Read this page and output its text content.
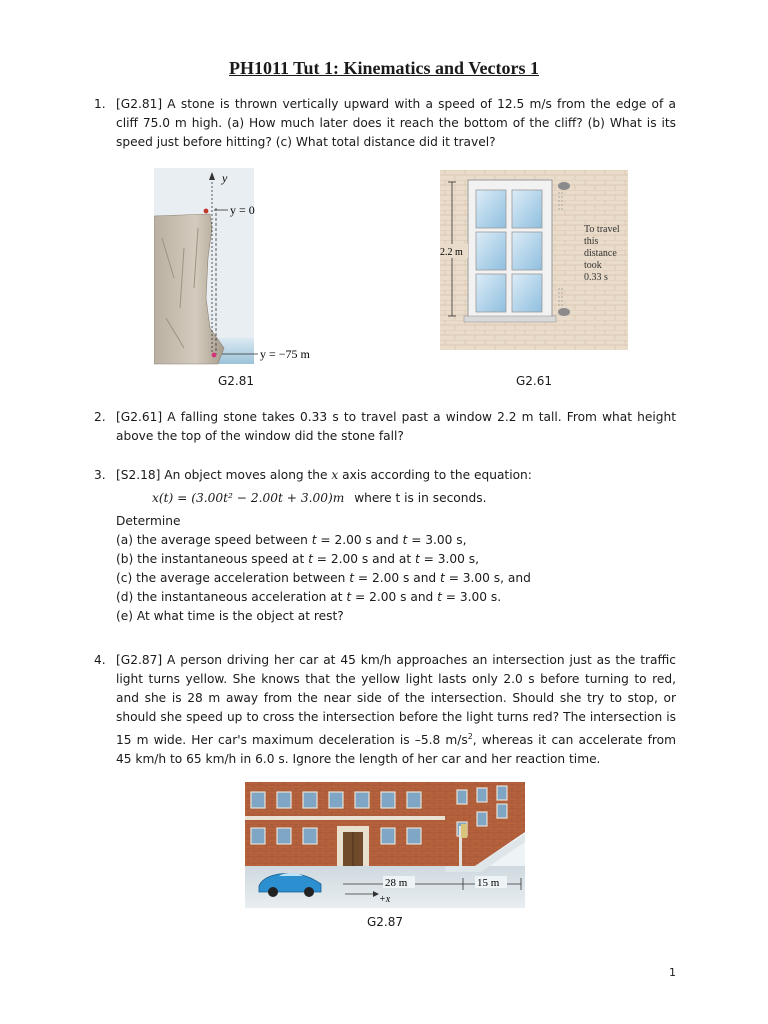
PH1011 Tut 1: Kinematics and Vectors 1
1. [G2.81] A stone is thrown vertically upward with a speed of 12.5 m/s from the edge of a cliff 75.0 m high. (a) How much later does it reach the bottom of the cliff? (b) What is its speed just before hitting? (c) What total distance did it travel?
y
y = 0
y = −75 m
G2.81
2.2 m
To travel
this
distance
took
0.33 s
G2.61
2. [G2.61] A falling stone takes 0.33 s to travel past a window 2.2 m tall. From what height above the top of the window did the stone fall?
3. [S2.18] An object moves along the x axis according to the equation:
x(t) = (3.00t² − 2.00t + 3.00)m where t is in seconds.
Determine
(a) the average speed between t = 2.00 s and t = 3.00 s,
(b) the instantaneous speed at t = 2.00 s and at t = 3.00 s,
(c) the average acceleration between t = 2.00 s and t = 3.00 s, and
(d) the instantaneous acceleration at t = 2.00 s and t = 3.00 s.
(e) At what time is the object at rest?
4. [G2.87] A person driving her car at 45 km/h approaches an intersection just as the traffic light turns yellow. She knows that the yellow light lasts only 2.0 s before turning to red, and she is 28 m away from the near side of the intersection. Should she try to stop, or should she speed up to cross the intersection before the light turns red? The intersection is 15 m wide. Her car's maximum deceleration is –5.8 $m/s^2$, whereas it can accelerate from 45 km/h to 65 km/h in 6.0 s. Ignore the length of her car and her reaction time.
28 m	15 m
+x
G2.87
1
